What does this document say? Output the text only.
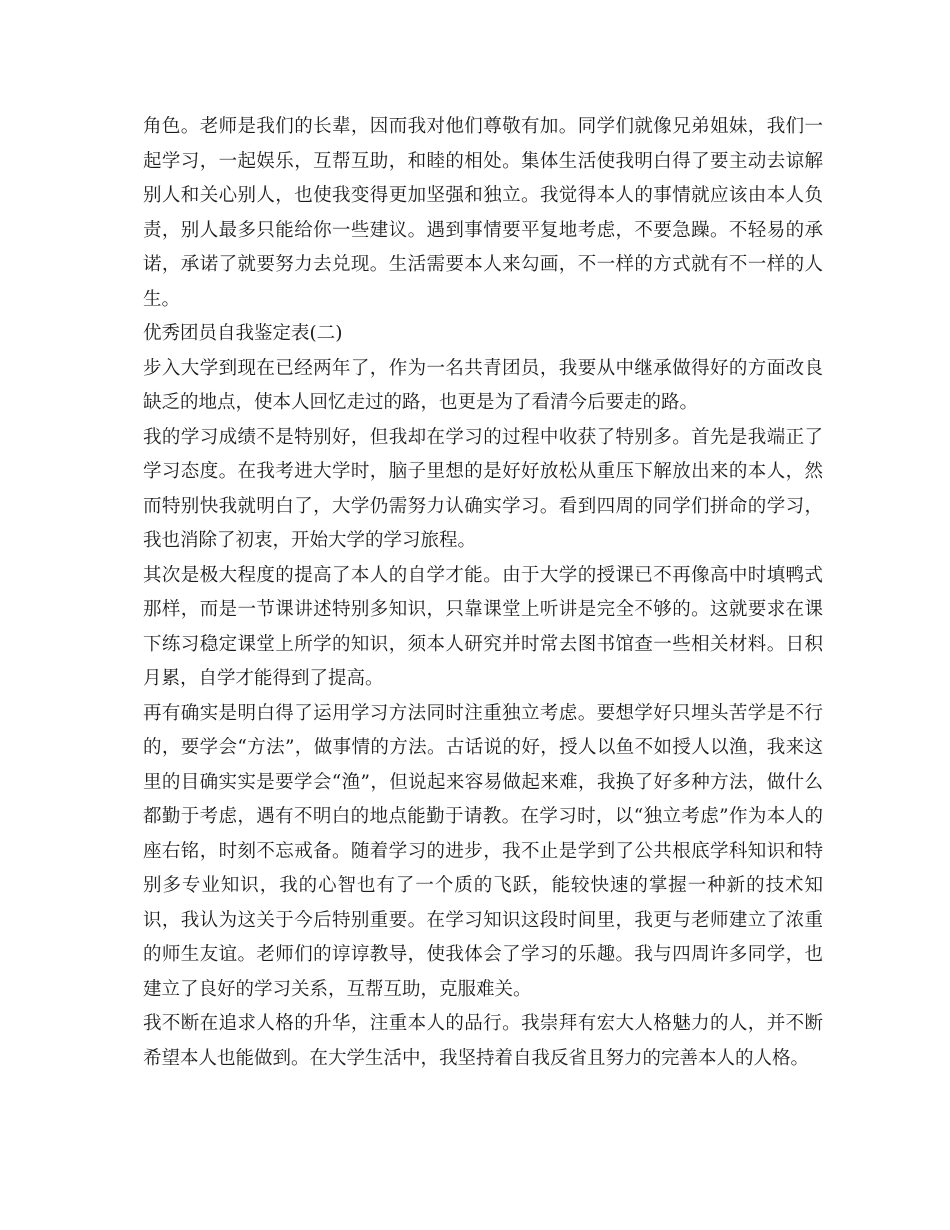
角色。老师是我们的长辈，因而我对他们尊敬有加。同学们就像兄弟姐妹，我们一起学习，一起娱乐，互帮互助，和睦的相处。集体生活使我明白得了要主动去谅解别人和关心别人，也使我变得更加坚强和独立。我觉得本人的事情就应该由本人负责，别人最多只能给你一些建议。遇到事情要平复地考虑，不要急躁。不轻易的承诺，承诺了就要努力去兑现。生活需要本人来勾画，不一样的方式就有不一样的人生。

优秀团员自我鉴定表(二)

步入大学到现在已经两年了，作为一名共青团员，我要从中继承做得好的方面改良缺乏的地点，使本人回忆走过的路，也更是为了看清今后要走的路。

我的学习成绩不是特别好，但我却在学习的过程中收获了特别多。首先是我端正了学习态度。在我考进大学时，脑子里想的是好好放松从重压下解放出来的本人，然而特别快我就明白了，大学仍需努力认确实学习。看到四周的同学们拼命的学习，我也消除了初衷，开始大学的学习旅程。

其次是极大程度的提高了本人的自学才能。由于大学的授课已不再像高中时填鸭式那样，而是一节课讲述特别多知识，只靠课堂上听讲是完全不够的。这就要求在课下练习稳定课堂上所学的知识，须本人研究并时常去图书馆查一些相关材料。日积月累，自学才能得到了提高。

再有确实是明白得了运用学习方法同时注重独立考虑。要想学好只埋头苦学是不行的，要学会“方法”，做事情的方法。古话说的好，授人以鱼不如授人以渔，我来这里的目确实实是要学会“渔”，但说起来容易做起来难，我换了好多种方法，做什么都勤于考虑，遇有不明白的地点能勤于请教。在学习时，以“独立考虑”作为本人的座右铭，时刻不忘戒备。随着学习的进步，我不止是学到了公共根底学科知识和特别多专业知识，我的心智也有了一个质的飞跃，能较快速的掌握一种新的技术知识，我认为这关于今后特别重要。在学习知识这段时间里，我更与老师建立了浓重的师生友谊。老师们的谆谆教导，使我体会了学习的乐趣。我与四周许多同学，也建立了良好的学习关系，互帮互助，克服难关。

我不断在追求人格的升华，注重本人的品行。我崇拜有宏大人格魅力的人，并不断希望本人也能做到。在大学生活中，我坚持着自我反省且努力的完善本人的人格。
